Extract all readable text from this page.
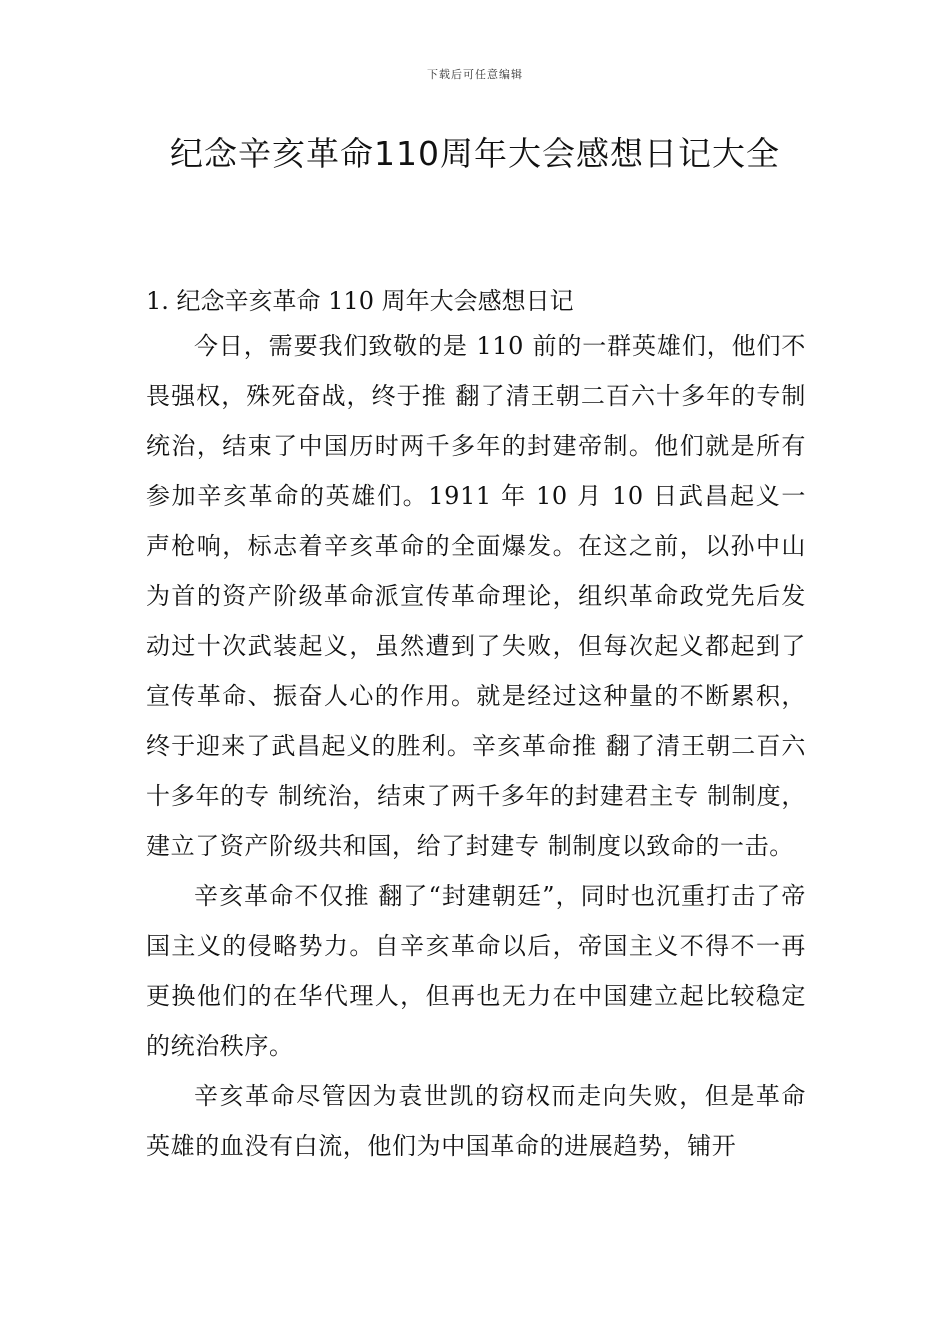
下载后可任意编辑
纪念辛亥革命110周年大会感想日记大全

1. 纪念辛亥革命 110 周年大会感想日记

今日，需要我们致敬的是 110 前的一群英雄们，他们不畏强权，殊死奋战，终于推 翻了清王朝二百六十多年的专制统治，结束了中国历时两千多年的封建帝制。他们就是所有参加辛亥革命的英雄们。1911 年 10 月 10 日武昌起义一声枪响，标志着辛亥革命的全面爆发。在这之前，以孙中山为首的资产阶级革命派宣传革命理论，组织革命政党先后发动过十次武装起义，虽然遭到了失败，但每次起义都起到了宣传革命、振奋人心的作用。就是经过这种量的不断累积，终于迎来了武昌起义的胜利。辛亥革命推 翻了清王朝二百六十多年的专 制统治，结束了两千多年的封建君主专 制制度，建立了资产阶级共和国，给了封建专 制制度以致命的一击。

辛亥革命不仅推 翻了“封建朝廷”，同时也沉重打击了帝国主义的侵略势力。自辛亥革命以后，帝国主义不得不一再更换他们的在华代理人，但再也无力在中国建立起比较稳定的统治秩序。

辛亥革命尽管因为袁世凯的窃权而走向失败，但是革命英雄的血没有白流，他们为中国革命的进展趋势，铺开
